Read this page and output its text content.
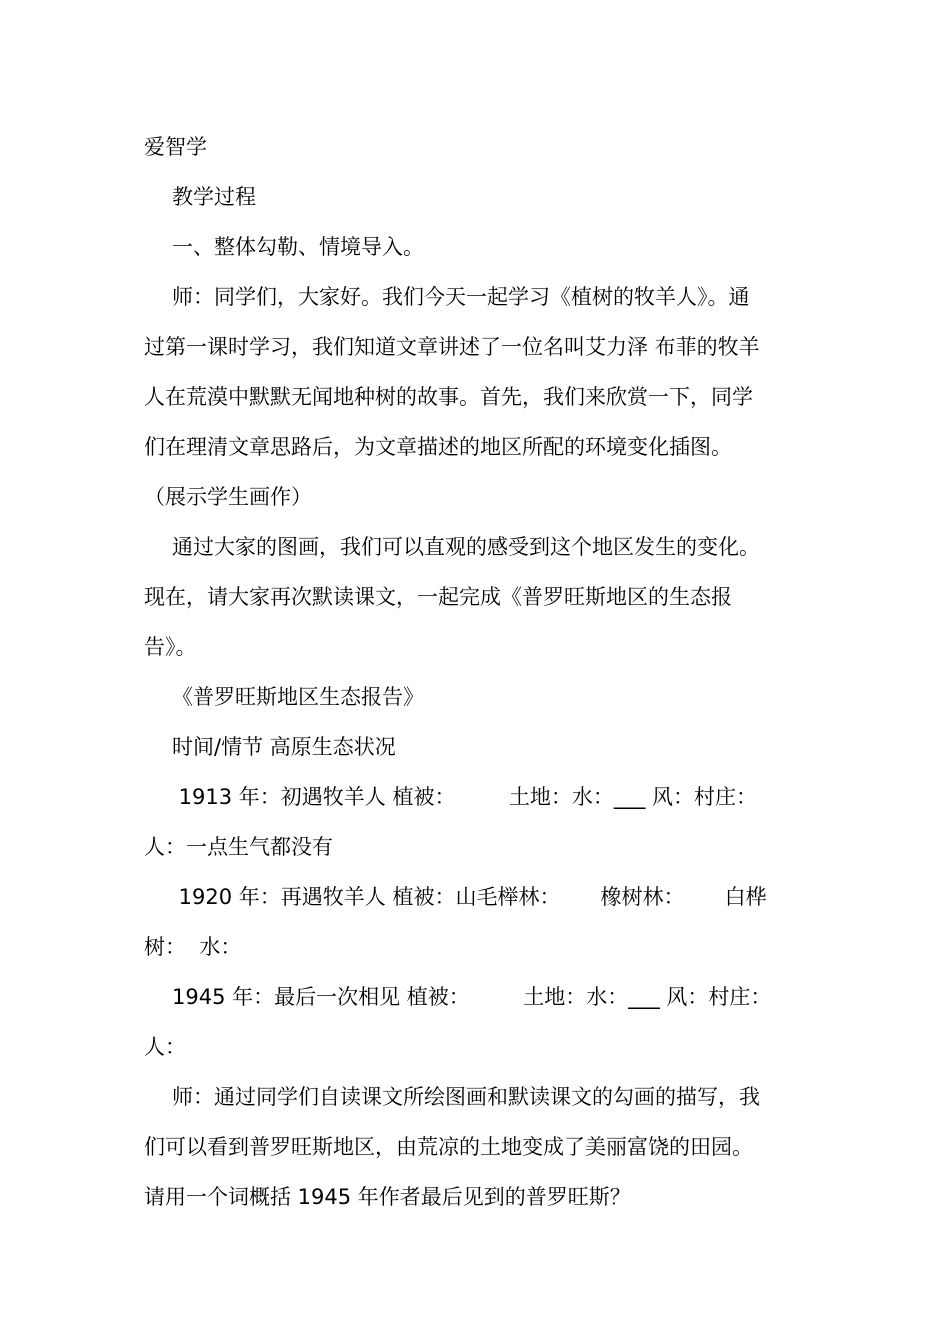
爱智学
教学过程
一、整体勾勒、情境导入。
师：同学们，大家好。我们今天一起学习《植树的牧羊人》。通
过第一课时学习，我们知道文章讲述了一位名叫艾力泽 布菲的牧羊
人在荒漠中默默无闻地种树的故事。首先，我们来欣赏一下，同学
们在理清文章思路后，为文章描述的地区所配的环境变化插图。
（展示学生画作）
通过大家的图画，我们可以直观的感受到这个地区发生的变化。
现在，请大家再次默读课文，一起完成《普罗旺斯地区的生态报
告》。
《普罗旺斯地区生态报告》
时间/情节 高原生态状况
1913 年：初遇牧羊人 植被：        土地：水：___ 风：村庄：
人：一点生气都没有
1920 年：再遇牧羊人 植被：山毛榉林：      橡树林：      白桦
树：  水：
1945 年：最后一次相见 植被：        土地：水：___ 风：村庄：
人：
师：通过同学们自读课文所绘图画和默读课文的勾画的描写，我
们可以看到普罗旺斯地区，由荒凉的土地变成了美丽富饶的田园。
请用一个词概括 1945 年作者最后见到的普罗旺斯？
